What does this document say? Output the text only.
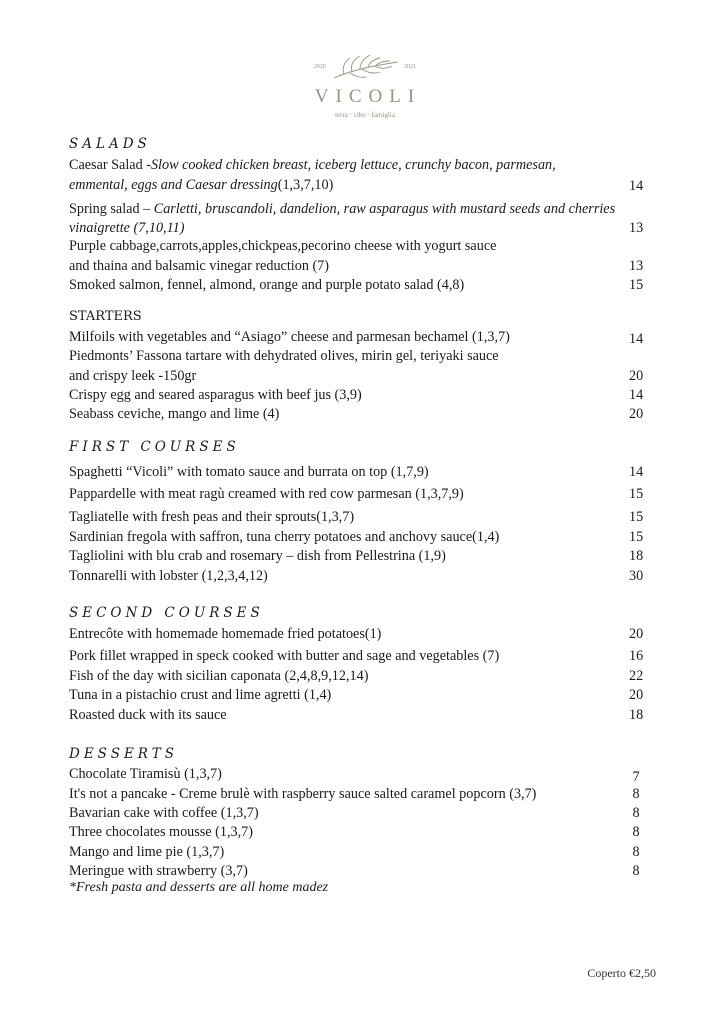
2020	2021
VICOLI
terra · cibo · famiglia
SALADS
Caesar Salad -Slow cooked chicken breast, iceberg lettuce, crunchy bacon, parmesan,
emmental, eggs and Caesar dressing(1,3,7,10)	14
Spring salad – Carletti, bruscandoli, dandelion, raw asparagus with mustard seeds and cherries
vinaigrette (7,10,11)	13
Purple cabbage,carrots,apples,chickpeas,pecorino cheese with yogurt sauce
and thaina and balsamic vinegar reduction (7)	13
Smoked salmon, fennel, almond, orange and purple potato salad (4,8)	15
STARTERS
Milfoils with vegetables and “Asiago” cheese and parmesan bechamel (1,3,7)	14
Piedmonts’ Fassona tartare with dehydrated olives, mirin gel, teriyaki sauce
and crispy leek -150gr	20
Crispy egg and seared asparagus with beef jus (3,9)	14
Seabass ceviche, mango and lime (4)	20
FIRST COURSES
Spaghetti “Vicoli” with tomato sauce and burrata on top (1,7,9)	14
Pappardelle with meat ragù creamed with red cow parmesan (1,3,7,9)	15
Tagliatelle with fresh peas and their sprouts(1,3,7)	15
Sardinian fregola with saffron, tuna cherry potatoes and anchovy sauce(1,4)	15
Tagliolini with blu crab and rosemary – dish from Pellestrina (1,9)	18
Tonnarelli with lobster (1,2,3,4,12)	30
SECOND COURSES
Entrecôte with homemade homemade fried potatoes(1)	20
Pork fillet wrapped in speck cooked with butter and sage and vegetables (7)	16
Fish of the day with sicilian caponata (2,4,8,9,12,14)	22
Tuna in a pistachio crust and lime agretti (1,4)	20
Roasted duck with its sauce	18
DESSERTS
Chocolate Tiramisù (1,3,7)	7
It's not a pancake - Creme brulè with raspberry sauce salted caramel popcorn (3,7)	8
Bavarian cake with coffee (1,3,7)	8
Three chocolates mousse (1,3,7)	8
Mango and lime pie (1,3,7)	8
Meringue with strawberry (3,7)	8
*Fresh pasta and desserts are all home madez
Coperto €2,50
